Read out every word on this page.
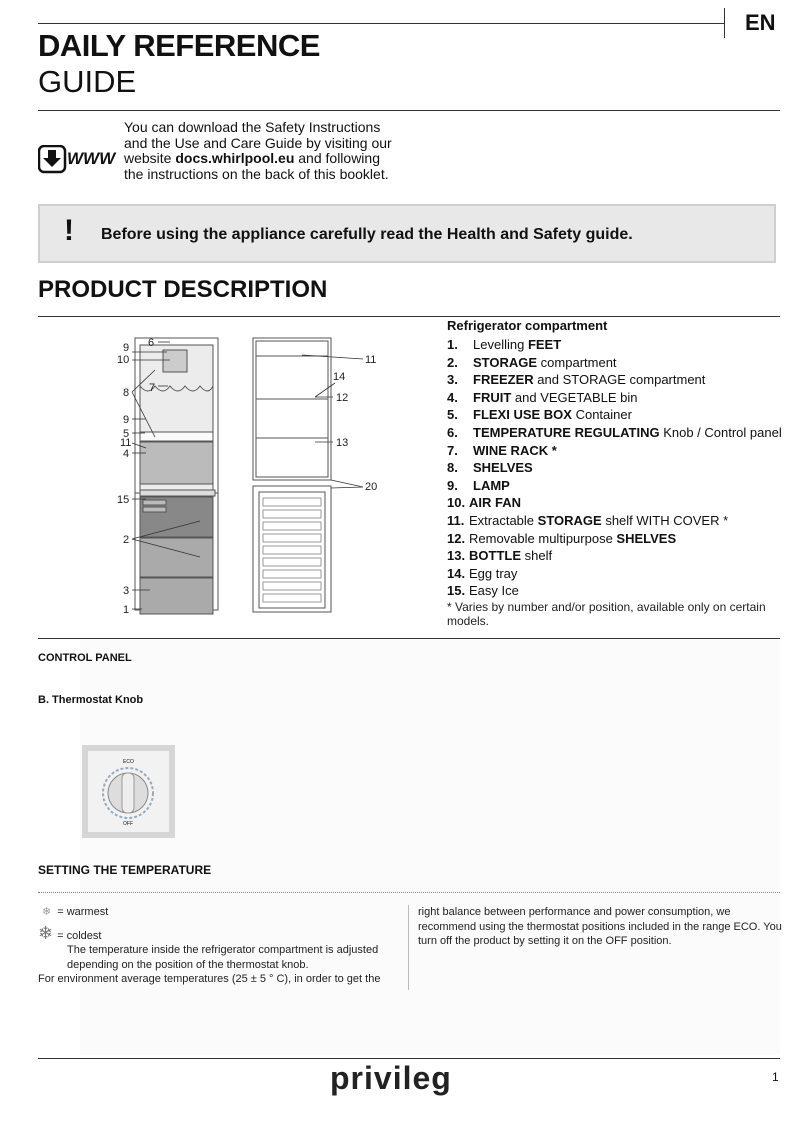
EN
DAILY REFERENCE
GUIDE
WWW
You can download the Safety Instructions
and the Use and Care Guide by visiting our
website docs.whirlpool.eu and following
the instructions on the back of this booklet.
! Before using the appliance carefully read the Health and Safety guide.
PRODUCT DESCRIPTION
6
9
10
8 7
9
5
11
4
15
2
3
1
11
14
12
13
20
Refrigerator compartment
1. Levelling FEET
2. STORAGE compartment
3. FREEZER and STORAGE compartment
4. FRUIT and VEGETABLE bin
5. FLEXI USE BOX Container
6. TEMPERATURE REGULATING Knob / Control panel
7. WINE RACK *
8. SHELVES
9. LAMP
10. AIR FAN
11. Extractable STORAGE shelf WITH COVER *
12. Removable multipurpose SHELVES
13. BOTTLE shelf
14. Egg tray
15. Easy Ice
* Varies by number and/or position, available only on certain models.
CONTROL PANEL
B. Thermostat Knob
ECO
OFF
SETTING THE TEMPERATURE
❄ = warmest
❄ = coldest
The temperature inside the refrigerator compartment is adjusted depending on the position of the thermostat knob.
For environment average temperatures (25 ± 5 ° C), in order to get the
right balance between performance and power consumption, we recommend using the thermostat positions included in the range ECO. You turn off the product by setting it on the OFF position.
privileg	1
